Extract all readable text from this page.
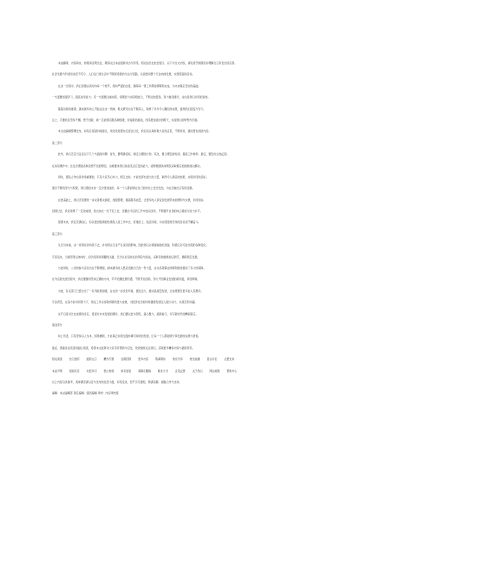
本站翻译，内容真实，转载请注明出处，敬请关注本站最新动态与资讯。相关信息在此处展示，以下为全文内容，请读者仔细阅读并理解文章所表达的意思。
社会发展与科技进步密不可分，人们在日常生活中不断探索新的方法与思路，从而推动整个行业向前发展，实现更高的目标。
在这一过程中，我们需要认真对待每一个细节，保持严谨的态度，确保每一项工作都能够顺利完成，为未来奠定坚实的基础。
一方面要加强学习，提高自身能力；另一方面要注重实践，将理论与实际相结合，不断总结经验，努力做到更好，这也是我们共同的追求。
随着时间的推移，越来越多的人开始关注这一领域，相关研究也在不断深入，取得了许多令人瞩目的成果，值得我们借鉴与学习。
总之，只要我们坚持不懈，勇于创新，就一定能够克服各种困难，迎接新的挑战，创造更加美好的明天，实现我们的梦想与价值。
本文由编辑整理发布，如有任何疑问或建议，欢迎读者朋友们留言讨论，我们将认真听取大家的意见，不断改进，提供更优质的内容。
第二部分
此外，我们还应当注意以下几个方面的问题：首先，要明确目标，制定合理的计划；其次，要合理安排时间，提高工作效率；最后，要及时总结反思。
在实际操作中，往往会遇到各种意想不到的情况，这就要求我们具备灵活应变的能力，能够根据具体情况采取相应的措施加以解决。
同时，团队合作也是非常重要的，只有大家齐心协力，相互支持，才能发挥出最大的力量，取得令人满意的结果，实现共同的目标。
通过不断的努力与积累，我们相信未来一定会更加美好，每一个人都能够在自己的岗位上发光发热，为社会做出应有的贡献。
在此基础上，我们还需要进一步完善相关制度，加强管理，提高服务质量，让更多的人享受到发展带来的便利与实惠，共同进步。
回顾过去，我们取得了一定的成绩，但也存在一些不足之处，需要在今后的工作中加以改进，不断提升自身的综合素质与能力水平。
展望未来，我们充满信心，将以更加饱满的热情投入到工作中去，迎难而上，锐意进取，为实现更加宏伟的目标而不懈奋斗。
第三部分
从长远来看，这一趋势将会持续下去，并对相关行业产生深远的影响，因此我们必须提前做好准备，积极应对可能出现的各种变化。
专家指出，当前形势总体向好，但仍需保持清醒的头脑，充分认识到存在的风险与挑战，采取有效措施加以防范，确保稳定发展。
与此同时，公众的参与意识也在不断增强，越来越多的人愿意贡献自己的一份力量，这为各项事业的顺利推进提供了有力的保障。
在今后的发展过程中，我们要继续坚持正确的方向，牢牢把握发展机遇，不断开拓创新，努力开创事业发展的新局面，再创辉煌。
为此，有关部门已经出台了一系列政策措施，旨在进一步优化环境，激发活力，推动高质量发展，让成果惠及更多的人民群众。
可以预见，在各方的共同努力下，相关工作必将取得新的更大成效，为经济社会的持续健康发展注入强大动力，实现互利共赢。
这不仅是对过去成绩的肯定，更是对未来发展的期许，我们要以此为契机，凝心聚力，砥砺前行，书写新时代的精彩篇章。
第四部分
综上所述，只有坚持以人为本，统筹兼顾，才能真正实现全面协调可持续的发展，让每一个人都能够分享发展的成果与喜悦。
最后，感谢各位读者的耐心阅读，希望本文能够对大家有所帮助与启发，欢迎继续关注我们，获取更多精彩内容与最新资讯。
相关阅读 热门推荐 最新文章 精选专题 往期回顾 更多内容 敬请期待 欢迎分享 转发收藏 留言评论 点赞支持
本站声明 版权所有 未经许可 禁止转载 如有侵权 请联系删除 联系方式 意见反馈 关于我们 网站地图 帮助中心
以上内容仅供参考，具体情况请以官方发布的信息为准，如有变动，恕不另行通知，敬请谅解，谢谢合作与支持。
编辑：本站编辑部 责任编辑：值班编辑 审核：内容审核组
